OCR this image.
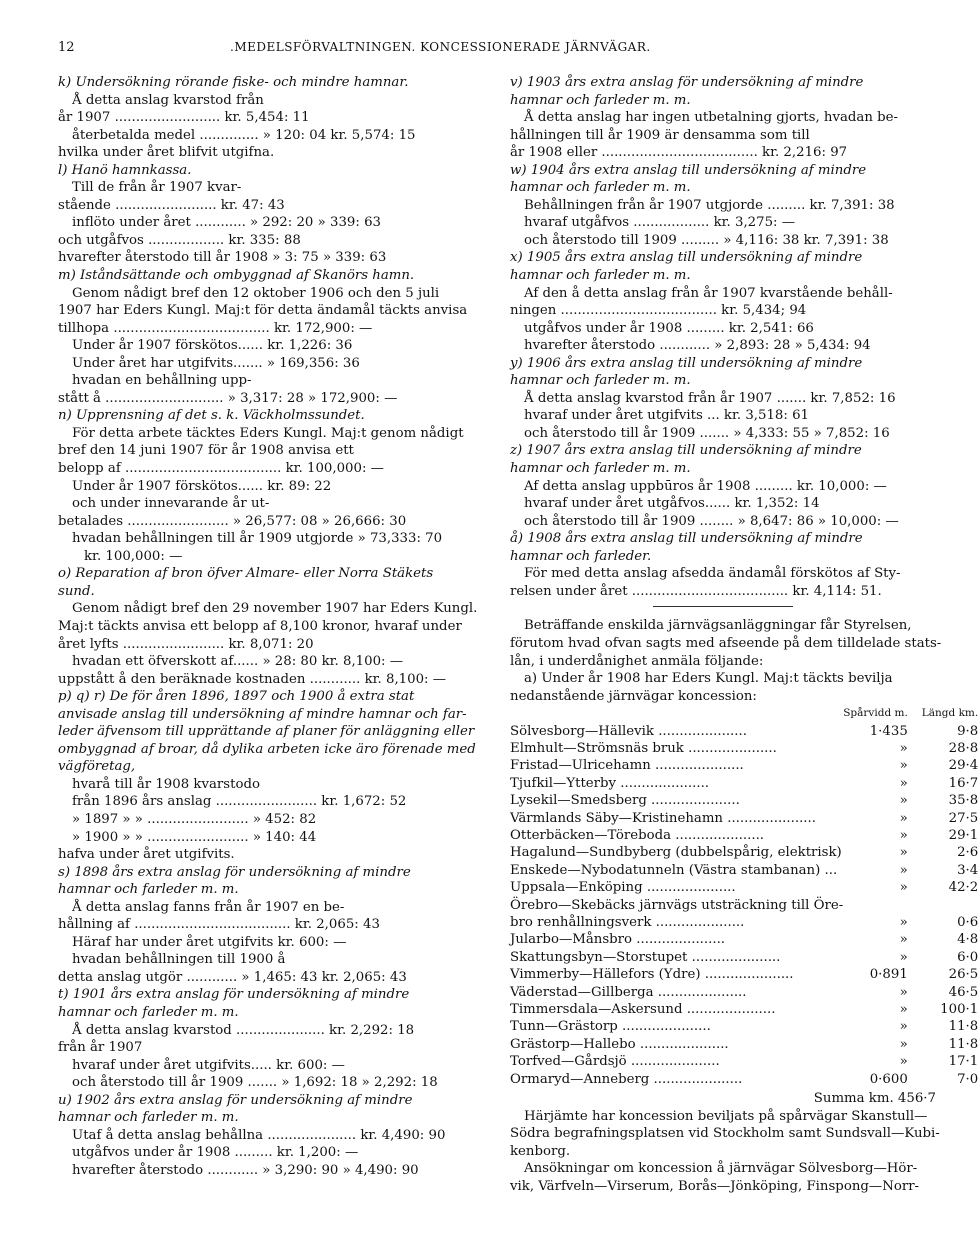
12	.MEDELSFÖRVALTNINGEN. KONCESSIONERADE JÄRNVÄGAR.
k) Undersökning rörande fiske- och mindre hamnar.
Å detta anslag kvarstod från
år 1907 ......................... kr. 5,454: 11
återbetalda medel .............. » 120: 04 kr. 5,574: 15
hvilka under året blifvit utgifna.
l) Hanö hamnkassa.
Till de från år 1907 kvar-
stående ........................ kr. 47: 43
inflöto under året ............ » 292: 20 » 339: 63
och utgåfvos .................. kr. 335: 88
hvarefter återstodo till år 1908 » 3: 75 » 339: 63
m) Iståndsättande och ombyggnad af Skanörs hamn.
Genom nådigt bref den 12 oktober 1906 och den 5 juli
1907 har Eders Kungl. Maj:t för detta ändamål täckts anvisa
tillhopa ..................................... kr. 172,900: —
Under år 1907 förskötos...... kr. 1,226: 36
Under året har utgifvits....... » 169,356: 36
hvadan en behållning upp-
stått å ............................ » 3,317: 28 » 172,900: —
n) Upprensning af det s. k. Väckholmssundet.
För detta arbete täcktes Eders Kungl. Maj:t genom nådigt
bref den 14 juni 1907 för år 1908 anvisa ett
belopp af ..................................... kr. 100,000: —
Under år 1907 förskötos...... kr. 89: 22
och under innevarande år ut-
betalades ........................ » 26,577: 08 » 26,666: 30
hvadan behållningen till år 1909 utgjorde » 73,333: 70
kr. 100,000: —
o) Reparation af bron öfver Almare- eller Norra Stäkets
sund.
Genom nådigt bref den 29 november 1907 har Eders Kungl.
Maj:t täckts anvisa ett belopp af 8,100 kronor, hvaraf under
året lyfts ........................ kr. 8,071: 20
hvadan ett öfverskott af...... » 28: 80 kr. 8,100: —
uppstått å den beräknade kostnaden ............ kr. 8,100: —
p) q) r) De för åren 1896, 1897 och 1900 å extra stat
anvisade anslag till undersökning af mindre hamnar och far-
leder äfvensom till upprättande af planer för anläggning eller
ombyggnad af broar, då dylika arbeten icke äro förenade med
vägföretag,
hvarå till år 1908 kvarstodo
från 1896 års anslag ........................ kr. 1,672: 52
» 1897 » » ........................ » 452: 82
» 1900 » » ........................ » 140: 44
hafva under året utgifvits.
s) 1898 års extra anslag för undersökning af mindre
hamnar och farleder m. m.
Å detta anslag fanns från år 1907 en be-
hållning af ..................................... kr. 2,065: 43
Häraf har under året utgifvits kr. 600: —
hvadan behållningen till 1900 å
detta anslag utgör ............ » 1,465: 43 kr. 2,065: 43
t) 1901 års extra anslag för undersökning af mindre
hamnar och farleder m. m.
Å detta anslag kvarstod ..................... kr. 2,292: 18
från år 1907
hvaraf under året utgifvits..... kr. 600: —
och återstodo till år 1909 ....... » 1,692: 18 » 2,292: 18
u) 1902 års extra anslag för undersökning af mindre
hamnar och farleder m. m.
Utaf å detta anslag behållna ..................... kr. 4,490: 90
utgåfvos under år 1908 ......... kr. 1,200: —
hvarefter återstodo ............ » 3,290: 90 » 4,490: 90
v) 1903 års extra anslag för undersökning af mindre
hamnar och farleder m. m.
Å detta anslag har ingen utbetalning gjorts, hvadan be-
hållningen till år 1909 är densamma som till
år 1908 eller ..................................... kr. 2,216: 97
w) 1904 års extra anslag till undersökning af mindre
hamnar och farleder m. m.
Behållningen från år 1907 utgjorde ......... kr. 7,391: 38
hvaraf utgåfvos .................. kr. 3,275: —
och återstodo till 1909 ......... » 4,116: 38 kr. 7,391: 38
x) 1905 års extra anslag till undersökning af mindre
hamnar och farleder m. m.
Af den å detta anslag från år 1907 kvarstående behåll-
ningen ..................................... kr. 5,434; 94
utgåfvos under år 1908 ......... kr. 2,541: 66
hvarefter återstodo ............ » 2,893: 28 » 5,434: 94
y) 1906 års extra anslag till undersökning af mindre
hamnar och farleder m. m.
Å detta anslag kvarstod från år 1907 ....... kr. 7,852: 16
hvaraf under året utgifvits ... kr. 3,518: 61
och återstodo till år 1909 ....... » 4,333: 55 » 7,852: 16
z) 1907 års extra anslag till undersökning af mindre
hamnar och farleder m. m.
Af detta anslag uppbūros år 1908 ......... kr. 10,000: —
hvaraf under året utgåfvos...... kr. 1,352: 14
och återstodo till år 1909 ........ » 8,647: 86 » 10,000: —
å) 1908 års extra anslag till undersökning af mindre
hamnar och farleder.
För med detta anslag afsedda ändamål förskötos af Sty-
relsen under året ..................................... kr. 4,114: 51.
Beträffande enskilda järnvägsanläggningar får Styrelsen,
förutom hvad ofvan sagts med afseende på dem tilldelade stats-
lån, i underdånighet anmäla följande:
a) Under år 1908 har Eders Kungl. Maj:t täckts bevilja
nedanstående järnvägar koncession:
	Spårvidd m.	Längd km.
Sölvesborg—Hällevik .....................	1·435	9·8
Elmhult—Strömsnäs bruk .....................	»	28·8
Fristad—Ulricehamn .....................	»	29·4
Tjufkil—Ytterby .....................	»	16·7
Lysekil—Smedsberg .....................	»	35·8
Värmlands Säby—Kristinehamn .....................	»	27·5
Otterbäcken—Töreboda .....................	»	29·1
Hagalund—Sundbyberg (dubbelspårig, elektrisk)	»	2·6
Enskede—Nybodatunneln (Västra stambanan) ...	»	3·4
Uppsala—Enköping .....................	»	42·2
Örebro—Skebäcks järnvägs utsträckning till Öre-		
bro renhållningsverk .....................	»	0·6
Jularbo—Månsbro .....................	»	4·8
Skattungsbyn—Storstupet .....................	»	6·0
Vimmerby—Hällefors (Ydre) .....................	0·891	26·5
Väderstad—Gillberga .....................	»	46·5
Timmersdala—Askersund .....................	»	100·1
Tunn—Grästorp .....................	»	11·8
Grästorp—Hallebo .....................	»	11·8
Torfved—Gårdsjö .....................	»	17·1
Ormaryd—Anneberg .....................	0·600	7·0
Summa km. 456·7
Härjämte har koncession beviljats på spårvägar Skanstull—
Södra begrafningsplatsen vid Stockholm samt Sundsvall—Kubi-
kenborg.
Ansökningar om koncession å järnvägar Sölvesborg—Hör-
vik, Värfveln—Virserum, Borås—Jönköping, Finspong—Norr-
